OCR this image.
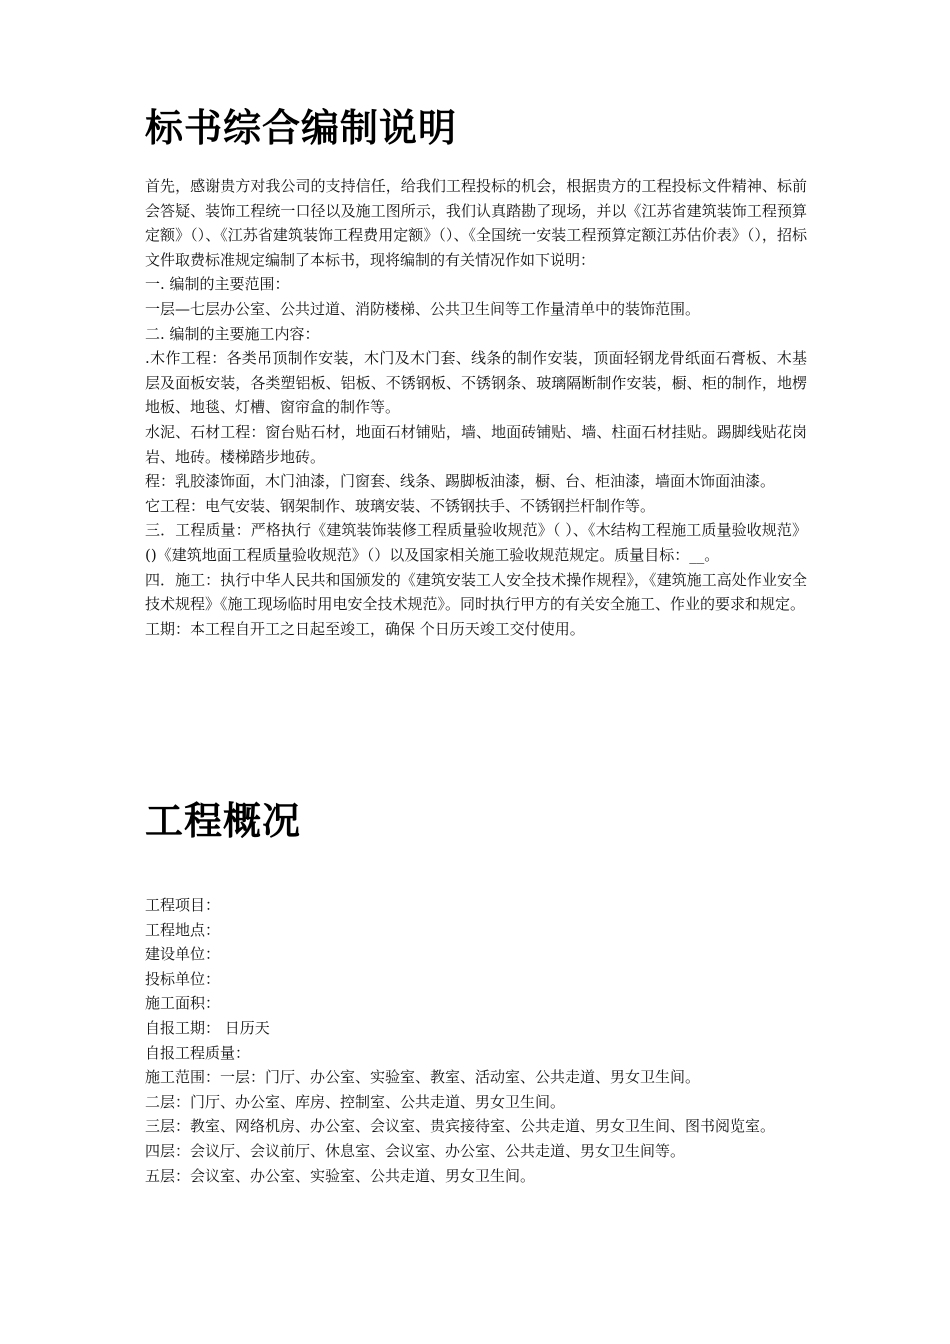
标书综合编制说明

首先，感谢贵方对我公司的支持信任，给我们工程投标的机会，根据贵方的工程投标文件精神、标前会答疑、装饰工程统一口径以及施工图所示，我们认真踏勘了现场，并以《江苏省建筑装饰工程预算定额》（）、《江苏省建筑装饰工程费用定额》（）、《全国统一安装工程预算定额江苏估价表》（），招标文件取费标准规定编制了本标书，现将编制的有关情况作如下说明：

一. 编制的主要范围：

一层—七层办公室、公共过道、消防楼梯、公共卫生间等工作量清单中的装饰范围。

二. 编制的主要施工内容：

.木作工程：各类吊顶制作安装，木门及木门套、线条的制作安装，顶面轻钢龙骨纸面石膏板、木基层及面板安装，各类塑铝板、铝板、不锈钢板、不锈钢条、玻璃隔断制作安装，橱、柜的制作，地楞地板、地毯、灯槽、窗帘盒的制作等。

水泥、石材工程：窗台贴石材，地面石材铺贴，墙、地面砖铺贴、墙、柱面石材挂贴。踢脚线贴花岗岩、地砖。楼梯踏步地砖。

程：乳胶漆饰面，木门油漆，门窗套、线条、踢脚板油漆，橱、台、柜油漆，墙面木饰面油漆。

它工程：电气安装、钢架制作、玻璃安装、不锈钢扶手、不锈钢拦杆制作等。

三．工程质量：严格执行《建筑装饰装修工程质量验收规范》（ ）、《木结构工程施工质量验收规范》()《建筑地面工程质量验收规范》（）以及国家相关施工验收规范规定。质量目标：__。

四．施工：执行中华人民共和国颁发的《建筑安装工人安全技术操作规程》，《建筑施工高处作业安全技术规程》《施工现场临时用电安全技术规范》。同时执行甲方的有关安全施工、作业的要求和规定。

工期：本工程自开工之日起至竣工，确保 个日历天竣工交付使用。

工程概况

工程项目：

工程地点：

建设单位：

投标单位：

施工面积：

自报工期： 日历天

自报工程质量：

施工范围：一层：门厅、办公室、实验室、教室、活动室、公共走道、男女卫生间。

二层：门厅、办公室、库房、控制室、公共走道、男女卫生间。

三层：教室、网络机房、办公室、会议室、贵宾接待室、公共走道、男女卫生间、图书阅览室。

四层：会议厅、会议前厅、休息室、会议室、办公室、公共走道、男女卫生间等。

五层：会议室、办公室、实验室、公共走道、男女卫生间。
